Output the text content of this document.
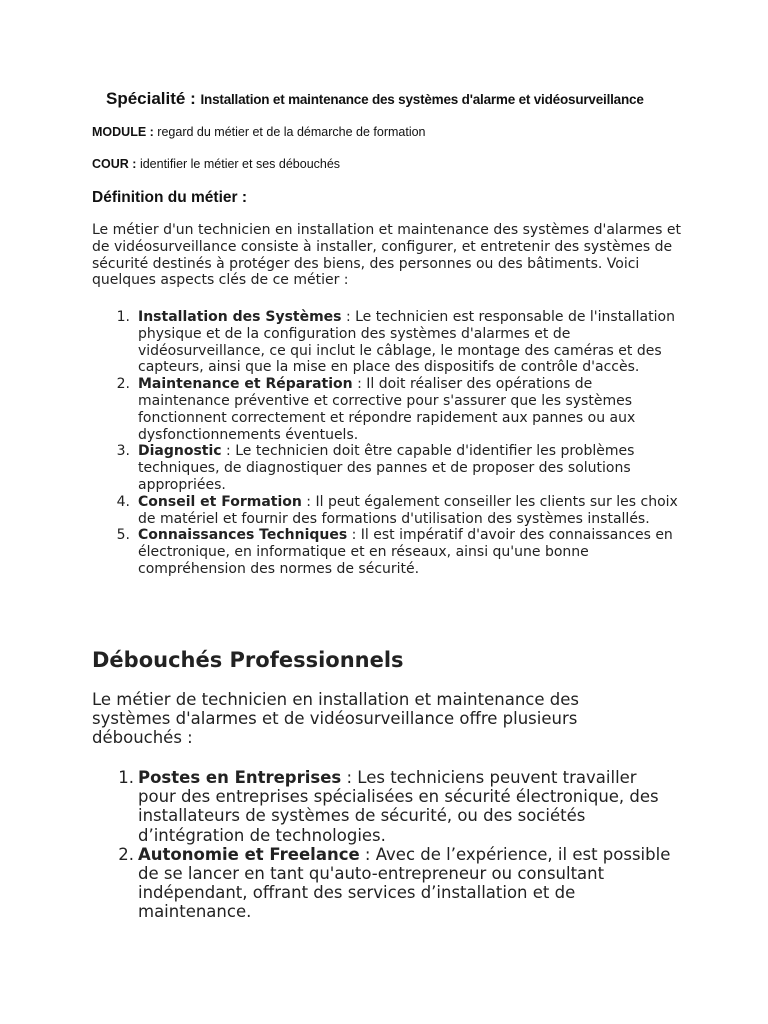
Spécialité : Installation et maintenance des systèmes d'alarme et vidéosurveillance
MODULE : regard du métier et de la démarche de formation
COUR : identifier le métier et ses débouchés
Définition du métier :

Le métier d'un technicien en installation et maintenance des systèmes d'alarmes et de vidéosurveillance consiste à installer, configurer, et entretenir des systèmes de sécurité destinés à protéger des biens, des personnes ou des bâtiments. Voici quelques aspects clés de ce métier :

1. Installation des Systèmes : Le technicien est responsable de l'installation physique et de la configuration des systèmes d'alarmes et de vidéosurveillance, ce qui inclut le câblage, le montage des caméras et des capteurs, ainsi que la mise en place des dispositifs de contrôle d'accès.
2. Maintenance et Réparation : Il doit réaliser des opérations de maintenance préventive et corrective pour s'assurer que les systèmes fonctionnent correctement et répondre rapidement aux pannes ou aux dysfonctionnements éventuels.
3. Diagnostic : Le technicien doit être capable d'identifier les problèmes techniques, de diagnostiquer des pannes et de proposer des solutions appropriées.
4. Conseil et Formation : Il peut également conseiller les clients sur les choix de matériel et fournir des formations d'utilisation des systèmes installés.
5. Connaissances Techniques : Il est impératif d'avoir des connaissances en électronique, en informatique et en réseaux, ainsi qu'une bonne compréhension des normes de sécurité.
Débouchés Professionnels

Le métier de technicien en installation et maintenance des systèmes d'alarmes et de vidéosurveillance offre plusieurs débouchés :

1. Postes en Entreprises : Les techniciens peuvent travailler pour des entreprises spécialisées en sécurité électronique, des installateurs de systèmes de sécurité, ou des sociétés d’intégration de technologies.
2. Autonomie et Freelance : Avec de l’expérience, il est possible de se lancer en tant qu'auto-entrepreneur ou consultant indépendant, offrant des services d’installation et de maintenance.
